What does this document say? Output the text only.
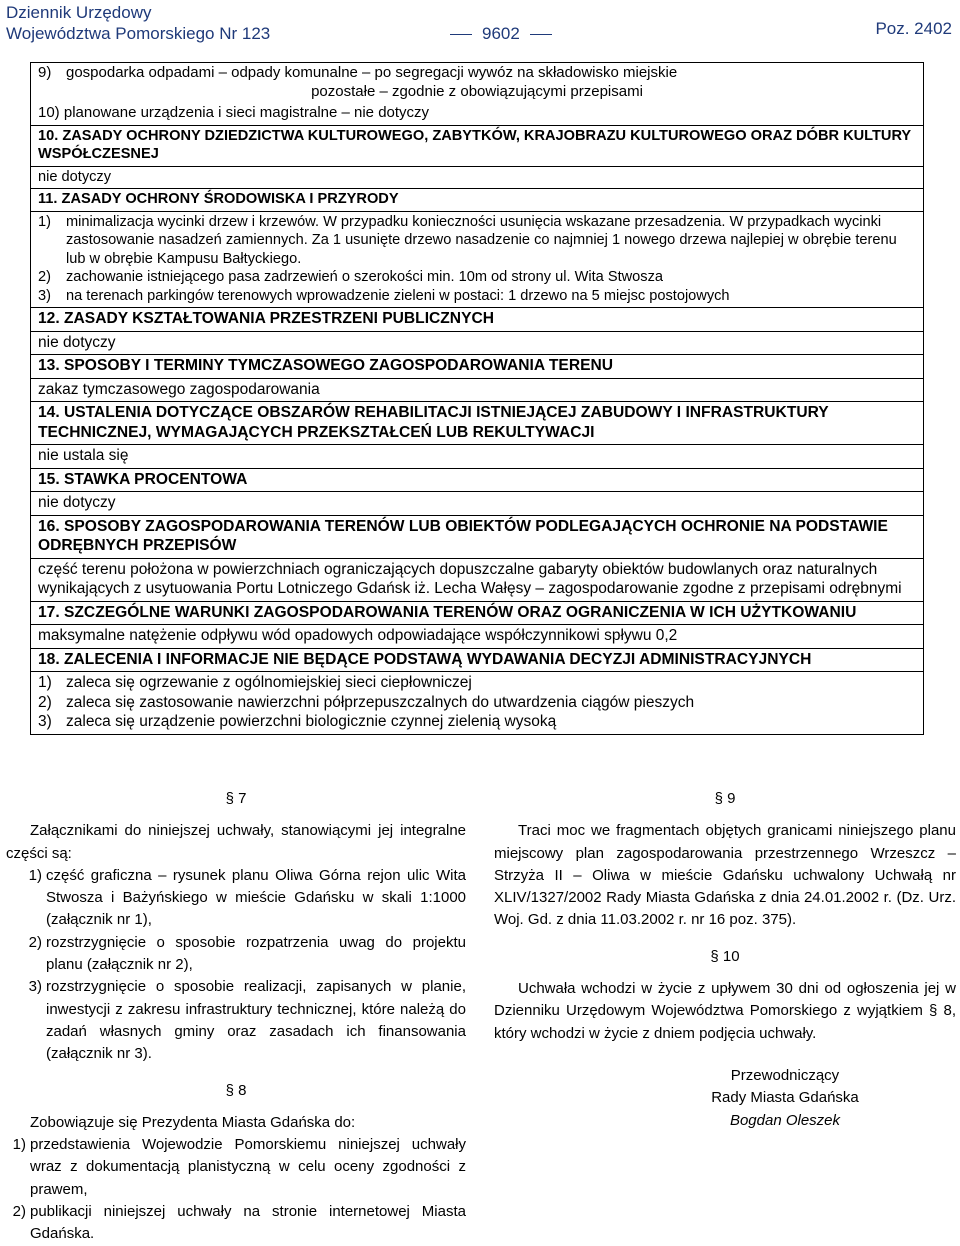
Dziennik Urzędowy
Województwa Pomorskiego Nr 123	9602	Poz. 2402
9) gospodarka odpadami – odpady komunalne – po segregacji wywóz na składowisko miejskie
pozostałe – zgodnie z obowiązującymi przepisami
10) planowane urządzenia i sieci magistralne – nie dotyczy
10. ZASADY OCHRONY DZIEDZICTWA KULTUROWEGO, ZABYTKÓW, KRAJOBRAZU KULTUROWEGO ORAZ DÓBR KULTURY WSPÓŁCZESNEJ
nie dotyczy
11. ZASADY OCHRONY ŚRODOWISKA I PRZYRODY
1)	minimalizacja wycinki drzew i krzewów. W przypadku konieczności usunięcia wskazane przesadzenia. W przypadkach wycinki zastosowanie nasadzeń zamiennych. Za 1 usunięte drzewo nasadzenie co najmniej 1 nowego drzewa najlepiej w obrębie terenu lub w obrębie Kampusu Bałtyckiego.
2)	zachowanie istniejącego pasa zadrzewień o szerokości min. 10m od strony ul. Wita Stwosza
3)	na terenach parkingów terenowych wprowadzenie zieleni w postaci: 1 drzewo na 5 miejsc postojowych
12. ZASADY KSZTAŁTOWANIA PRZESTRZENI PUBLICZNYCH
nie dotyczy
13. SPOSOBY I TERMINY TYMCZASOWEGO ZAGOSPODAROWANIA TERENU
zakaz tymczasowego zagospodarowania
14. USTALENIA DOTYCZĄCE OBSZARÓW REHABILITACJI ISTNIEJĄCEJ ZABUDOWY I INFRASTRUKTURY TECHNICZNEJ, WYMAGAJĄCYCH PRZEKSZTAŁCEŃ LUB REKULTYWACJI
nie ustala się
15. STAWKA PROCENTOWA
nie dotyczy
16. SPOSOBY ZAGOSPODAROWANIA TERENÓW LUB OBIEKTÓW PODLEGAJĄCYCH OCHRONIE NA PODSTAWIE ODRĘBNYCH PRZEPISÓW
część terenu położona w powierzchniach ograniczających dopuszczalne gabaryty obiektów budowlanych oraz naturalnych wynikających z usytuowania Portu Lotniczego Gdańsk iż. Lecha Wałęsy – zagospodarowanie zgodne z przepisami odrębnymi
17. SZCZEGÓLNE WARUNKI ZAGOSPODAROWANIA TERENÓW ORAZ OGRANICZENIA W ICH UŻYTKOWANIU
maksymalne natężenie odpływu wód opadowych odpowiadające współczynnikowi spływu 0,2
18. ZALECENIA I INFORMACJE NIE BĘDĄCE PODSTAWĄ WYDAWANIA DECYZJI ADMINISTRACYJNYCH
1) zaleca się ogrzewanie z ogólnomiejskiej sieci ciepłowniczej
2) zaleca się zastosowanie nawierzchni półprzepuszczalnych do utwardzenia ciągów pieszych
3) zaleca się urządzenie powierzchni biologicznie czynnej zielenią wysoką

§ 7

Załącznikami do niniejszej uchwały, stanowiącymi jej integralne części są:
1) część graficzna – rysunek planu Oliwa Górna rejon ulic Wita Stwosza i Bażyńskiego w mieście Gdańsku w skali 1:1000 (załącznik nr 1),
2) rozstrzygnięcie o sposobie rozpatrzenia uwag do projektu planu (załącznik nr 2),
3) rozstrzygnięcie o sposobie realizacji, zapisanych w planie, inwestycji z zakresu infrastruktury technicznej, które należą do zadań własnych gminy oraz zasadach ich finansowania (załącznik nr 3).

§ 8

Zobowiązuje się Prezydenta Miasta Gdańska do:
1) przedstawienia Wojewodzie Pomorskiemu niniejszej uchwały wraz z dokumentacją planistyczną w celu oceny zgodności z prawem,
2) publikacji niniejszej uchwały na stronie internetowej Miasta Gdańska.

§ 9

Traci moc we fragmentach objętych granicami niniejszego planu miejscowy plan zagospodarowania przestrzennego Wrzeszcz – Strzyża II – Oliwa w mieście Gdańsku uchwalony Uchwałą nr XLIV/1327/2002 Rady Miasta Gdańska z dnia 24.01.2002 r. (Dz. Urz. Woj. Gd. z dnia 11.03.2002 r. nr 16 poz. 375).

§ 10

Uchwała wchodzi w życie z upływem 30 dni od ogłoszenia jej w Dzienniku Urzędowym Województwa Pomorskiego z wyjątkiem § 8, który wchodzi w życie z dniem podjęcia uchwały.
Przewodniczący
Rady Miasta Gdańska
Bogdan Oleszek
